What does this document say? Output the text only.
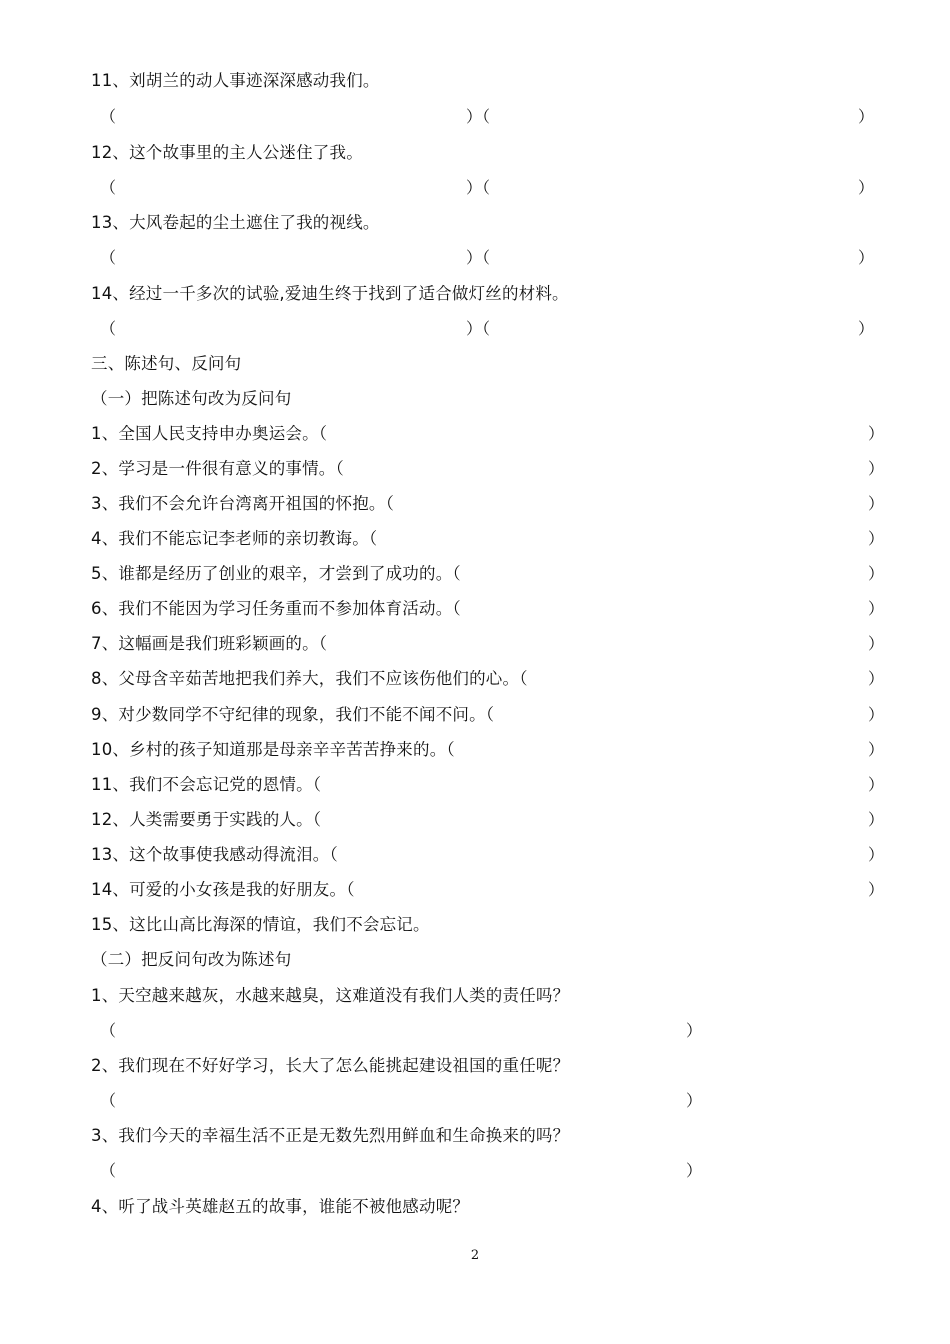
11、刘胡兰的动人事迹深深感动我们。
（	）（	）
12、这个故事里的主人公迷住了我。
（	）（	）
13、大风卷起的尘土遮住了我的视线。
（	）（	）
14、经过一千多次的试验,爱迪生终于找到了适合做灯丝的材料。
（	）（	）
三、陈述句、反问句
（一）把陈述句改为反问句
1、全国人民支持申办奥运会。（	）
2、学习是一件很有意义的事情。（	）
3、我们不会允许台湾离开祖国的怀抱。（	）
4、我们不能忘记李老师的亲切教诲。（	）
5、谁都是经历了创业的艰辛，才尝到了成功的。（	）
6、我们不能因为学习任务重而不参加体育活动。（	）
7、这幅画是我们班彩颖画的。（	）
8、父母含辛茹苦地把我们养大，我们不应该伤他们的心。（	）
9、对少数同学不守纪律的现象，我们不能不闻不问。（	）
10、乡村的孩子知道那是母亲辛辛苦苦挣来的。（	）
11、我们不会忘记党的恩情。（	）
12、人类需要勇于实践的人。（	）
13、这个故事使我感动得流泪。（	）
14、可爱的小女孩是我的好朋友。（	）
15、这比山高比海深的情谊，我们不会忘记。
（二）把反问句改为陈述句
1、天空越来越灰，水越来越臭，这难道没有我们人类的责任吗？
（	）
2、我们现在不好好学习，长大了怎么能挑起建设祖国的重任呢？
（	）
3、我们今天的幸福生活不正是无数先烈用鲜血和生命换来的吗？
（	）
4、听了战斗英雄赵五的故事，谁能不被他感动呢？
2
